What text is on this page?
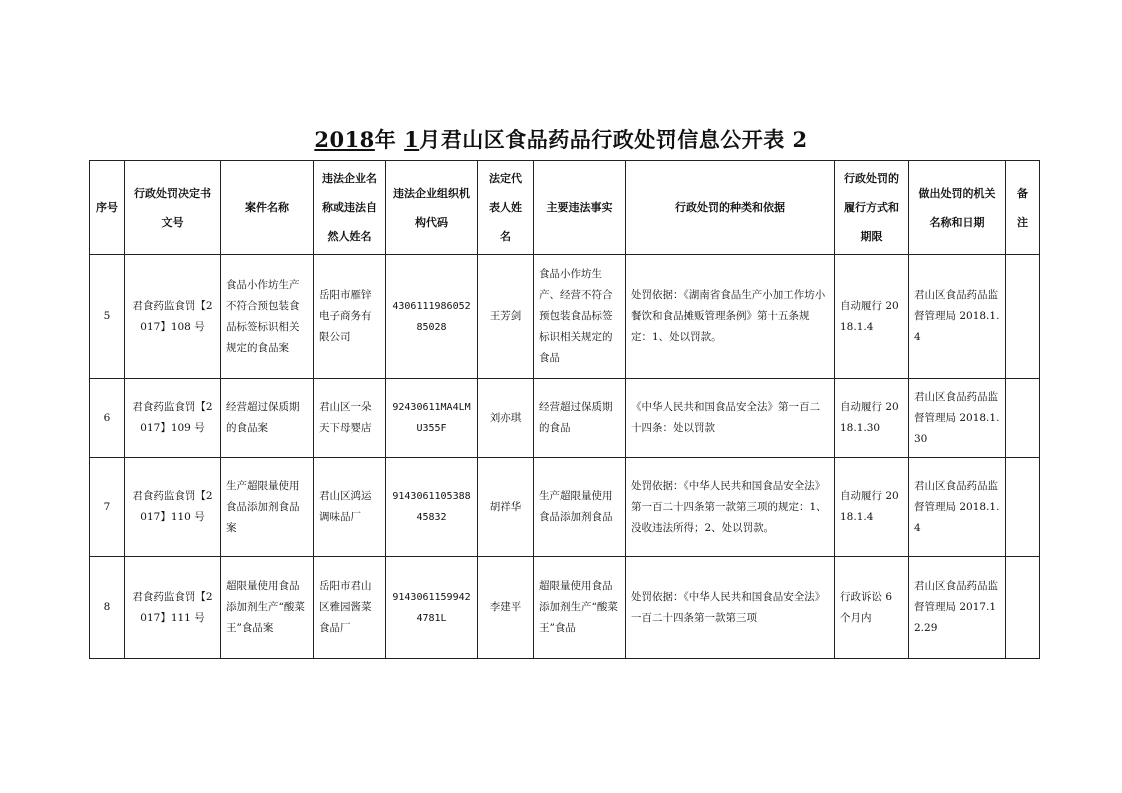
2018年 1月君山区食品药品行政处罚信息公开表 2
序号	行政处罚决定书文号	案件名称	违法企业名称或违法自然人姓名	违法企业组织机构代码	法定代表人姓名	主要违法事实	行政处罚的种类和依据	行政处罚的履行方式和期限	做出处罚的机关名称和日期	备注
5	君食药监食罚【2017】108 号	食品小作坊生产不符合预包装食品标签标识相关规定的食品案	岳阳市雁锌电子商务有限公司	430611198605285028	王芳剑	食品小作坊生产、经营不符合预包装食品标签标识相关规定的食品	处罚依据：《湖南省食品生产小加工作坊小餐饮和食品摊贩管理条例》第十五条规定：1、处以罚款。	自动履行 2018.1.4	君山区食品药品监督管理局 2018.1.4	
6	君食药监食罚【2017】109 号	经营超过保质期的食品案	君山区一朵天下母婴店	92430611MA4LMU355F	刘亦琪	经营超过保质期的食品	《中华人民共和国食品安全法》第一百二十四条：处以罚款	自动履行 2018.1.30	君山区食品药品监督管理局 2018.1.30	
7	君食药监食罚【2017】110 号	生产超限量使用食品添加剂食品案	君山区鸿运调味品厂	914306110538845832	胡祥华	生产超限量使用食品添加剂食品	处罚依据：《中华人民共和国食品安全法》第一百二十四条第一款第三项的规定：1、没收违法所得；2、处以罚款。	自动履行 2018.1.4	君山区食品药品监督管理局 2018.1.4	
8	君食药监食罚【2017】111 号	超限量使用食品添加剂生产“酸菜王”食品案	岳阳市君山区雅园酱菜食品厂	91430611599424781L	李建平	超限量使用食品添加剂生产“酸菜王”食品	处罚依据：《中华人民共和国食品安全法》一百二十四条第一款第三项	行政诉讼 6 个月内	君山区食品药品监督管理局 2017.12.29	
